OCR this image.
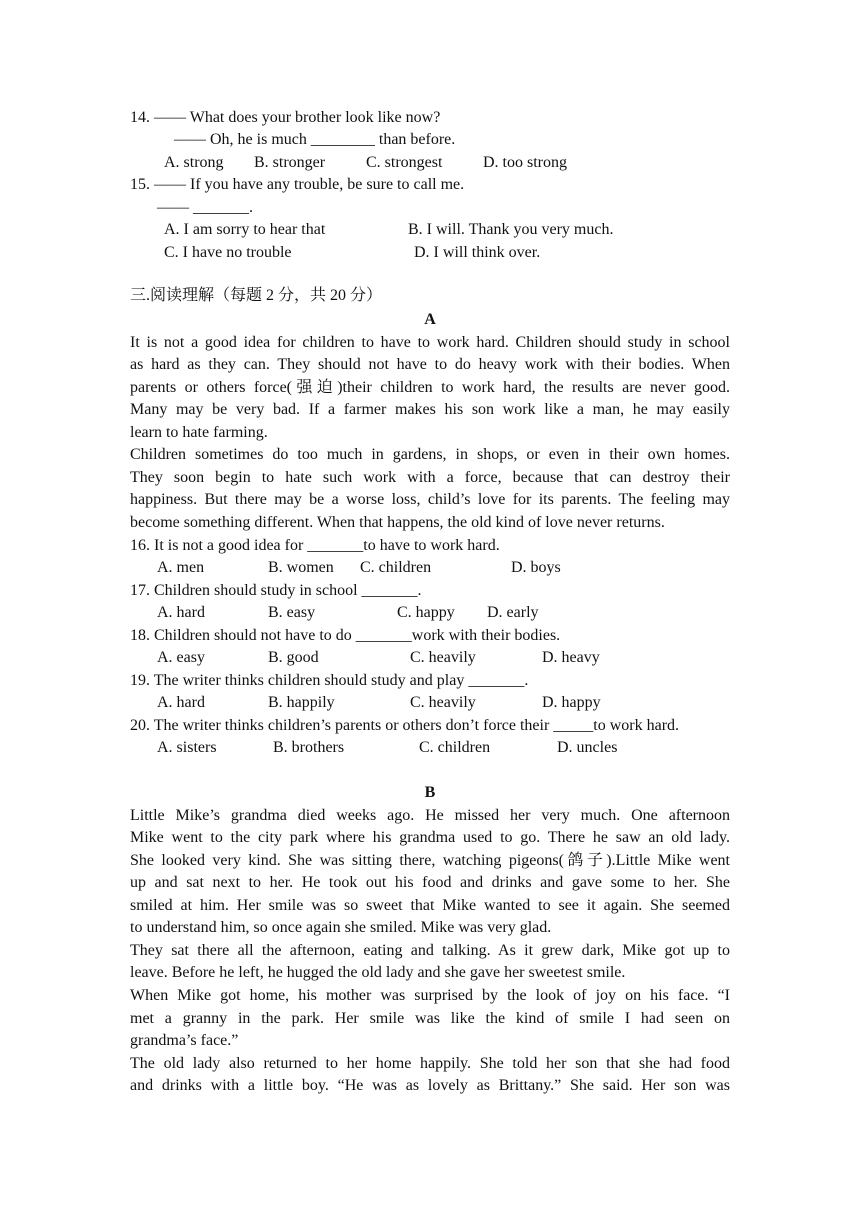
14. —— What does your brother look like now?
—— Oh, he is much ________ than before.
A. strong B. stronger	C. strongest	D. too strong
15. —— If you have any trouble, be sure to call me.
—— _______.
A. I am sorry to hear that	B. I will. Thank you very much.
C. I have no trouble	D. I will think over.
三.阅读理解（每题 2 分，共 20 分）
A
It is not a good idea for children to have to work hard. Children should study in school
as hard as they can. They should not have to do heavy work with their bodies. When
parents or others force(强迫)their children to work hard, the results are never good.
Many may be very bad. If a farmer makes his son work like a man, he may easily
learn to hate farming.
Children sometimes do too much in gardens, in shops, or even in their own homes.
They soon begin to hate such work with a force, because that can destroy their
happiness. But there may be a worse loss, child’s love for its parents. The feeling may
become something different. When that happens, the old kind of love never returns.
16. It is not a good idea for _______to have to work hard.
A. men	B. women C. children	D. boys
17. Children should study in school _______.
A. hard	B. easy	C. happy D. early
18. Children should not have to do _______work with their bodies.
A. easy	B. good	C. heavily	D. heavy
19. The writer thinks children should study and play _______.
A. hard	B. happily	C. heavily	D. happy
20. The writer thinks children’s parents or others don’t force their _____to work hard.
A. sisters	B. brothers	C. children	D. uncles
B
Little Mike’s grandma died weeks ago. He missed her very much. One afternoon
Mike went to the city park where his grandma used to go. There he saw an old lady.
She looked very kind. She was sitting there, watching pigeons(鸽子).Little Mike went
up and sat next to her. He took out his food and drinks and gave some to her. She
smiled at him. Her smile was so sweet that Mike wanted to see it again. She seemed
to understand him, so once again she smiled. Mike was very glad.
They sat there all the afternoon, eating and talking. As it grew dark, Mike got up to
leave. Before he left, he hugged the old lady and she gave her sweetest smile.
When Mike got home, his mother was surprised by the look of joy on his face. “I
met a granny in the park. Her smile was like the kind of smile I had seen on
grandma’s face.”
The old lady also returned to her home happily. She told her son that she had food
and drinks with a little boy. “He was as lovely as Brittany.” She said. Her son was
